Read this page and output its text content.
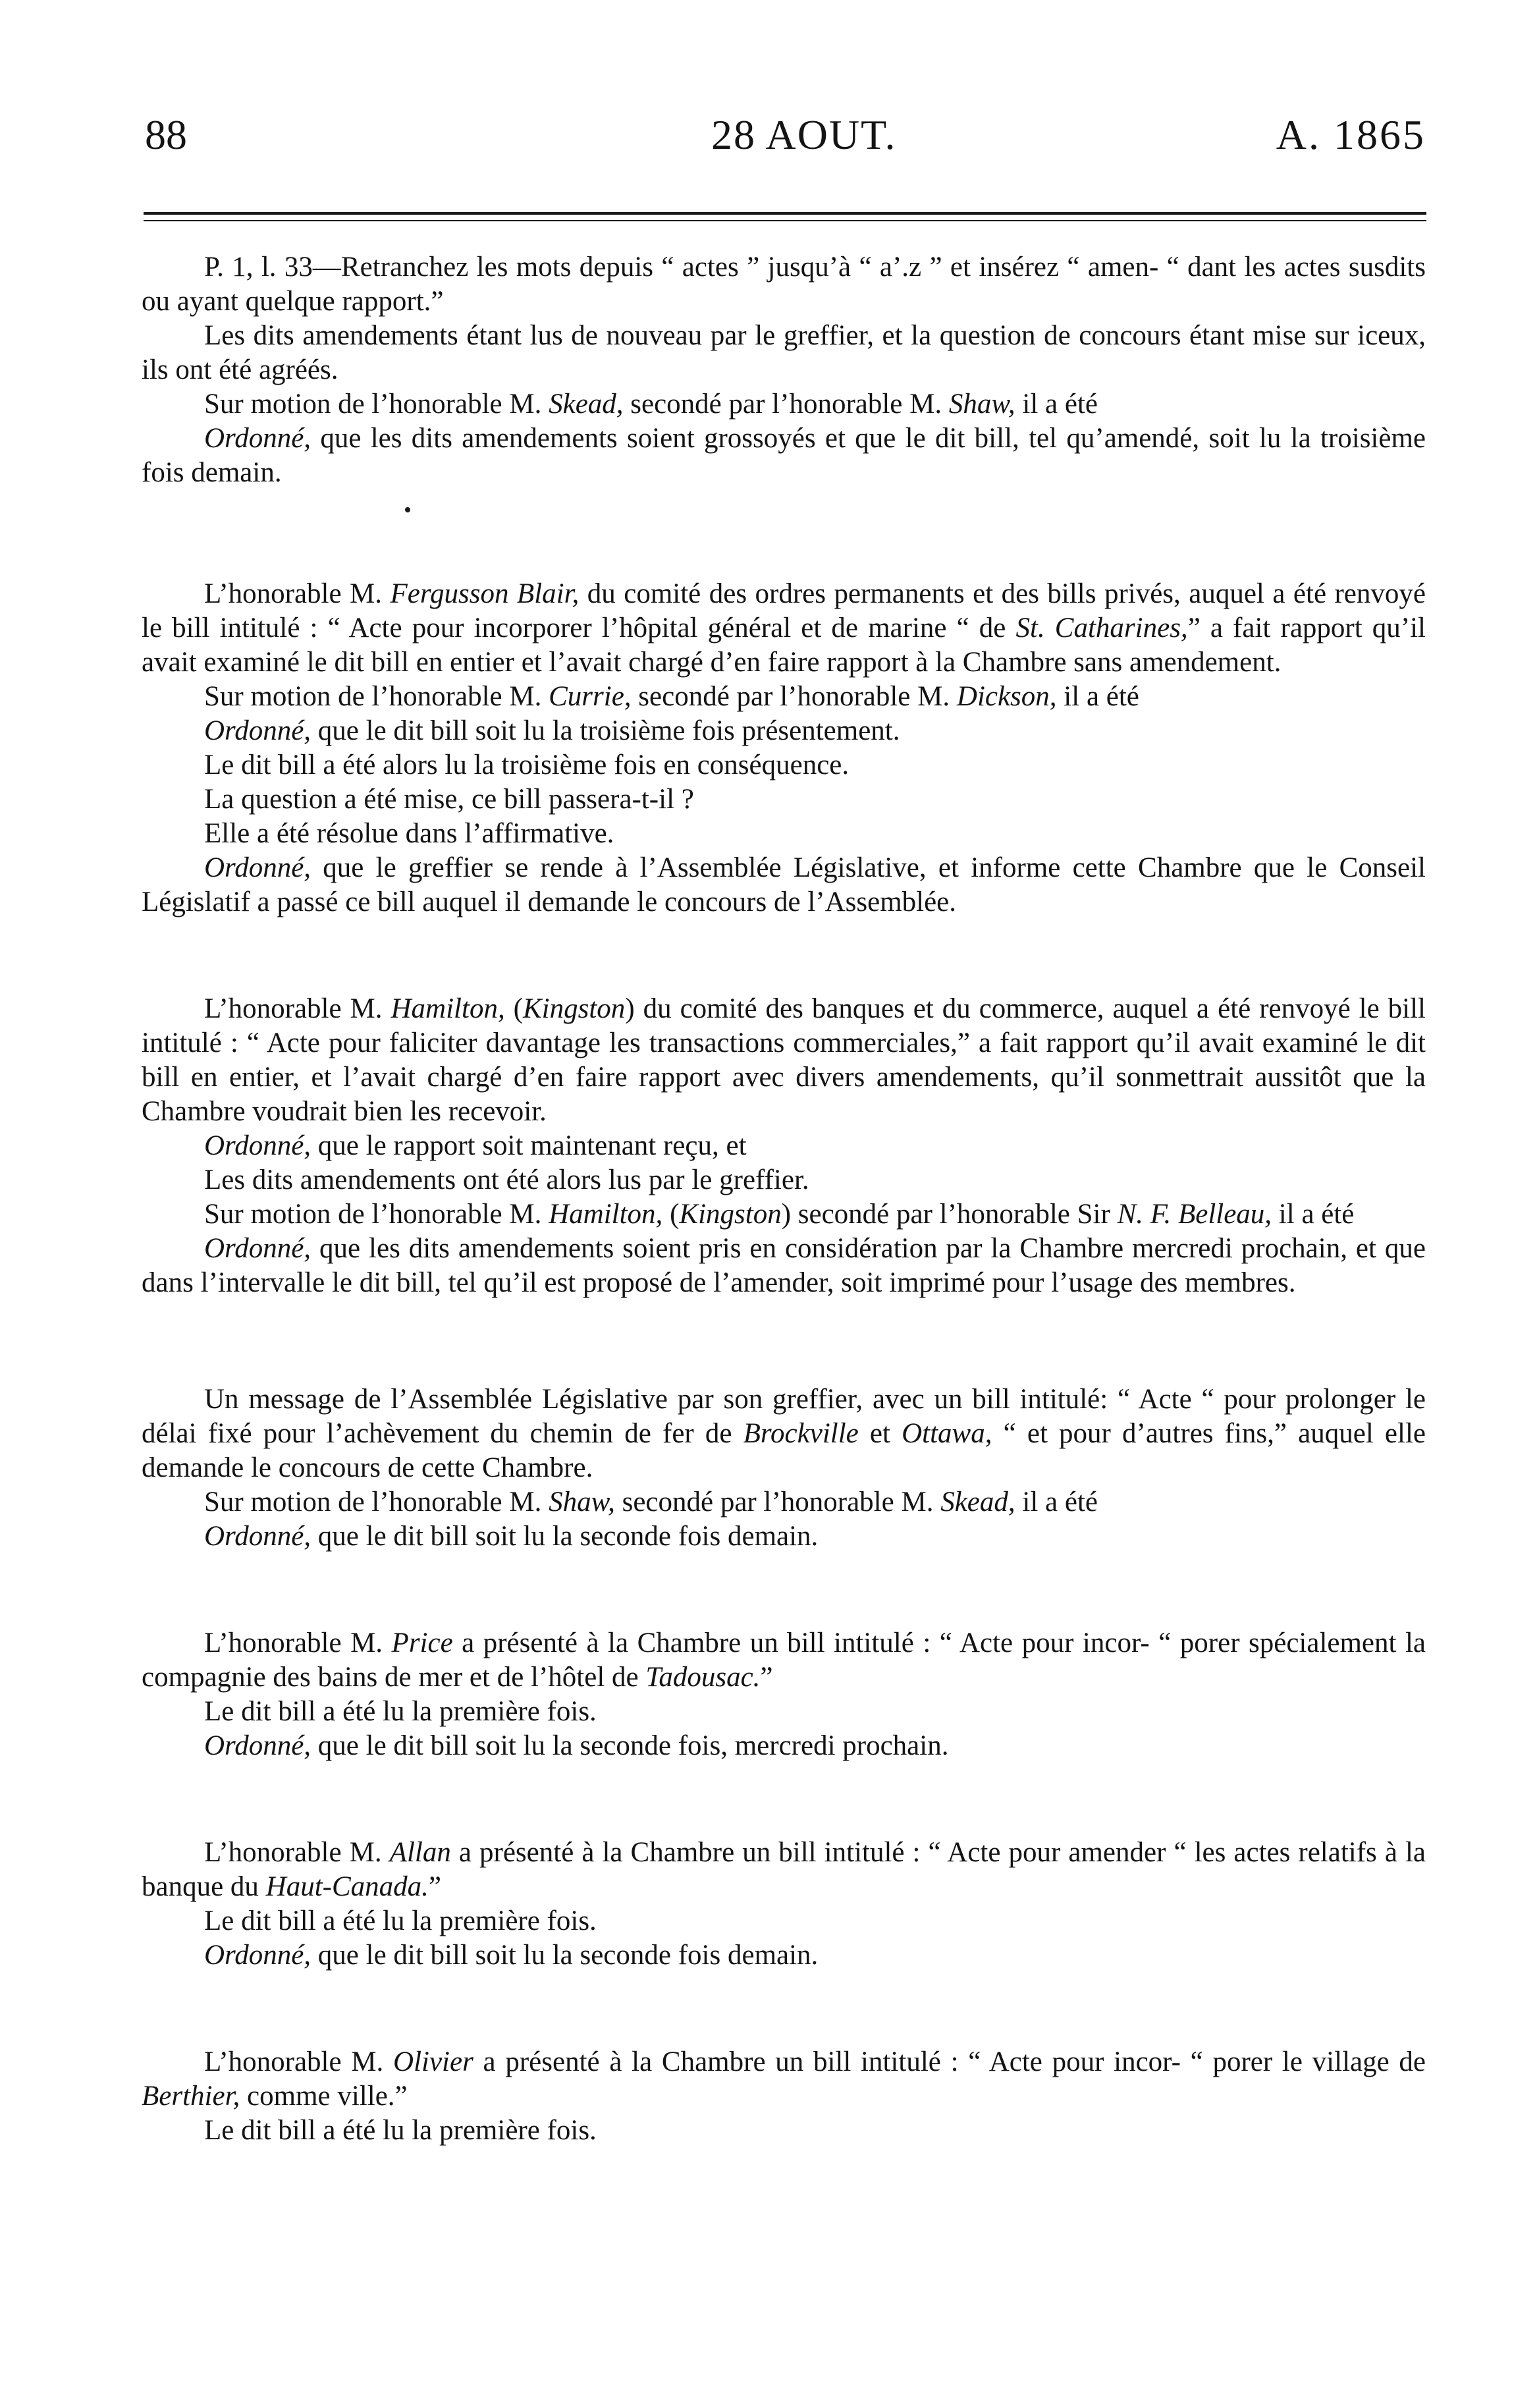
88	28 AOUT.	A. 1865

P. 1, l. 33—Retranchez les mots depuis “ actes ” jusqu’à “ a’.z ” et insérez “ amen- “ dant les actes susdits ou ayant quelque rapport.”

Les dits amendements étant lus de nouveau par le greffier, et la question de concours étant mise sur iceux, ils ont été agréés.

Sur motion de l’honorable M. Skead, secondé par l’honorable M. Shaw, il a été

Ordonné, que les dits amendements soient grossoyés et que le dit bill, tel qu’amendé, soit lu la troisième fois demain.

L’honorable M. Fergusson Blair, du comité des ordres permanents et des bills privés, auquel a été renvoyé le bill intitulé : “ Acte pour incorporer l’hôpital général et de marine “ de St. Catharines,” a fait rapport qu’il avait examiné le dit bill en entier et l’avait chargé d’en faire rapport à la Chambre sans amendement.

Sur motion de l’honorable M. Currie, secondé par l’honorable M. Dickson, il a été

Ordonné, que le dit bill soit lu la troisième fois présentement.

Le dit bill a été alors lu la troisième fois en conséquence.

La question a été mise, ce bill passera-t-il ?

Elle a été résolue dans l’affirmative.

Ordonné, que le greffier se rende à l’Assemblée Législative, et informe cette Chambre que le Conseil Législatif a passé ce bill auquel il demande le concours de l’Assemblée.

L’honorable M. Hamilton, (Kingston) du comité des banques et du commerce, auquel a été renvoyé le bill intitulé : “ Acte pour faliciter davantage les transactions commerciales,” a fait rapport qu’il avait examiné le dit bill en entier, et l’avait chargé d’en faire rapport avec divers amendements, qu’il sonmettrait aussitôt que la Chambre voudrait bien les recevoir.

Ordonné, que le rapport soit maintenant reçu, et

Les dits amendements ont été alors lus par le greffier.

Sur motion de l’honorable M. Hamilton, (Kingston) secondé par l’honorable Sir N. F. Belleau, il a été

Ordonné, que les dits amendements soient pris en considération par la Chambre mercredi prochain, et que dans l’intervalle le dit bill, tel qu’il est proposé de l’amender, soit imprimé pour l’usage des membres.

Un message de l’Assemblée Législative par son greffier, avec un bill intitulé: “ Acte “ pour prolonger le délai fixé pour l’achèvement du chemin de fer de Brockville et Ottawa, “ et pour d’autres fins,” auquel elle demande le concours de cette Chambre.

Sur motion de l’honorable M. Shaw, secondé par l’honorable M. Skead, il a été

Ordonné, que le dit bill soit lu la seconde fois demain.

L’honorable M. Price a présenté à la Chambre un bill intitulé : “ Acte pour incor- “ porer spécialement la compagnie des bains de mer et de l’hôtel de Tadousac.”

Le dit bill a été lu la première fois.

Ordonné, que le dit bill soit lu la seconde fois, mercredi prochain.

L’honorable M. Allan a présenté à la Chambre un bill intitulé : “ Acte pour amender “ les actes relatifs à la banque du Haut-Canada.”

Le dit bill a été lu la première fois.

Ordonné, que le dit bill soit lu la seconde fois demain.

L’honorable M. Olivier a présenté à la Chambre un bill intitulé : “ Acte pour incor- “ porer le village de Berthier, comme ville.”

Le dit bill a été lu la première fois.
